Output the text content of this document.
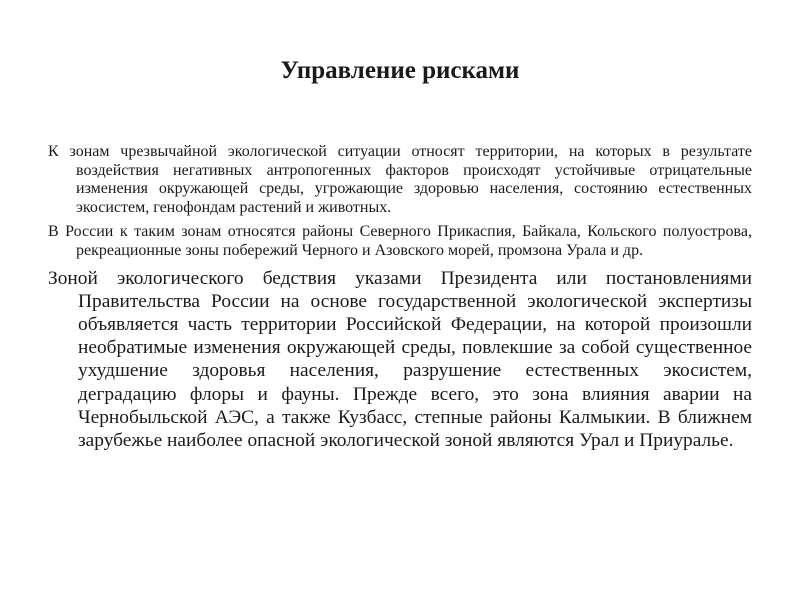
Управление рисками

К зонам чрезвычайной экологической ситуации относят территории, на которых в результате воздействия негативных антропогенных факторов происходят устойчивые отрицательные изменения окружающей среды, угрожающие здоровью населения, состоянию естественных экосистем, генофондам растений и животных.

В России к таким зонам относятся районы Северного Прикаспия, Байкала, Кольского полуострова, рекреационные зоны побережий Черного и Азовского морей, промзона Урала и др.

Зоной экологического бедствия указами Президента или постановлениями Правительства России на основе государственной экологической экспертизы объявляется часть территории Российской Федерации, на которой произошли необратимые изменения окружающей среды, повлекшие за собой существенное ухудшение здоровья населения, разрушение естественных экосистем, деградацию флоры и фауны. Прежде всего, это зона влияния аварии на Чернобыльской АЭС, а также Кузбасс, степные районы Калмыкии. В ближнем зарубежье наиболее опасной экологической зоной являются Урал и Приуралье.
